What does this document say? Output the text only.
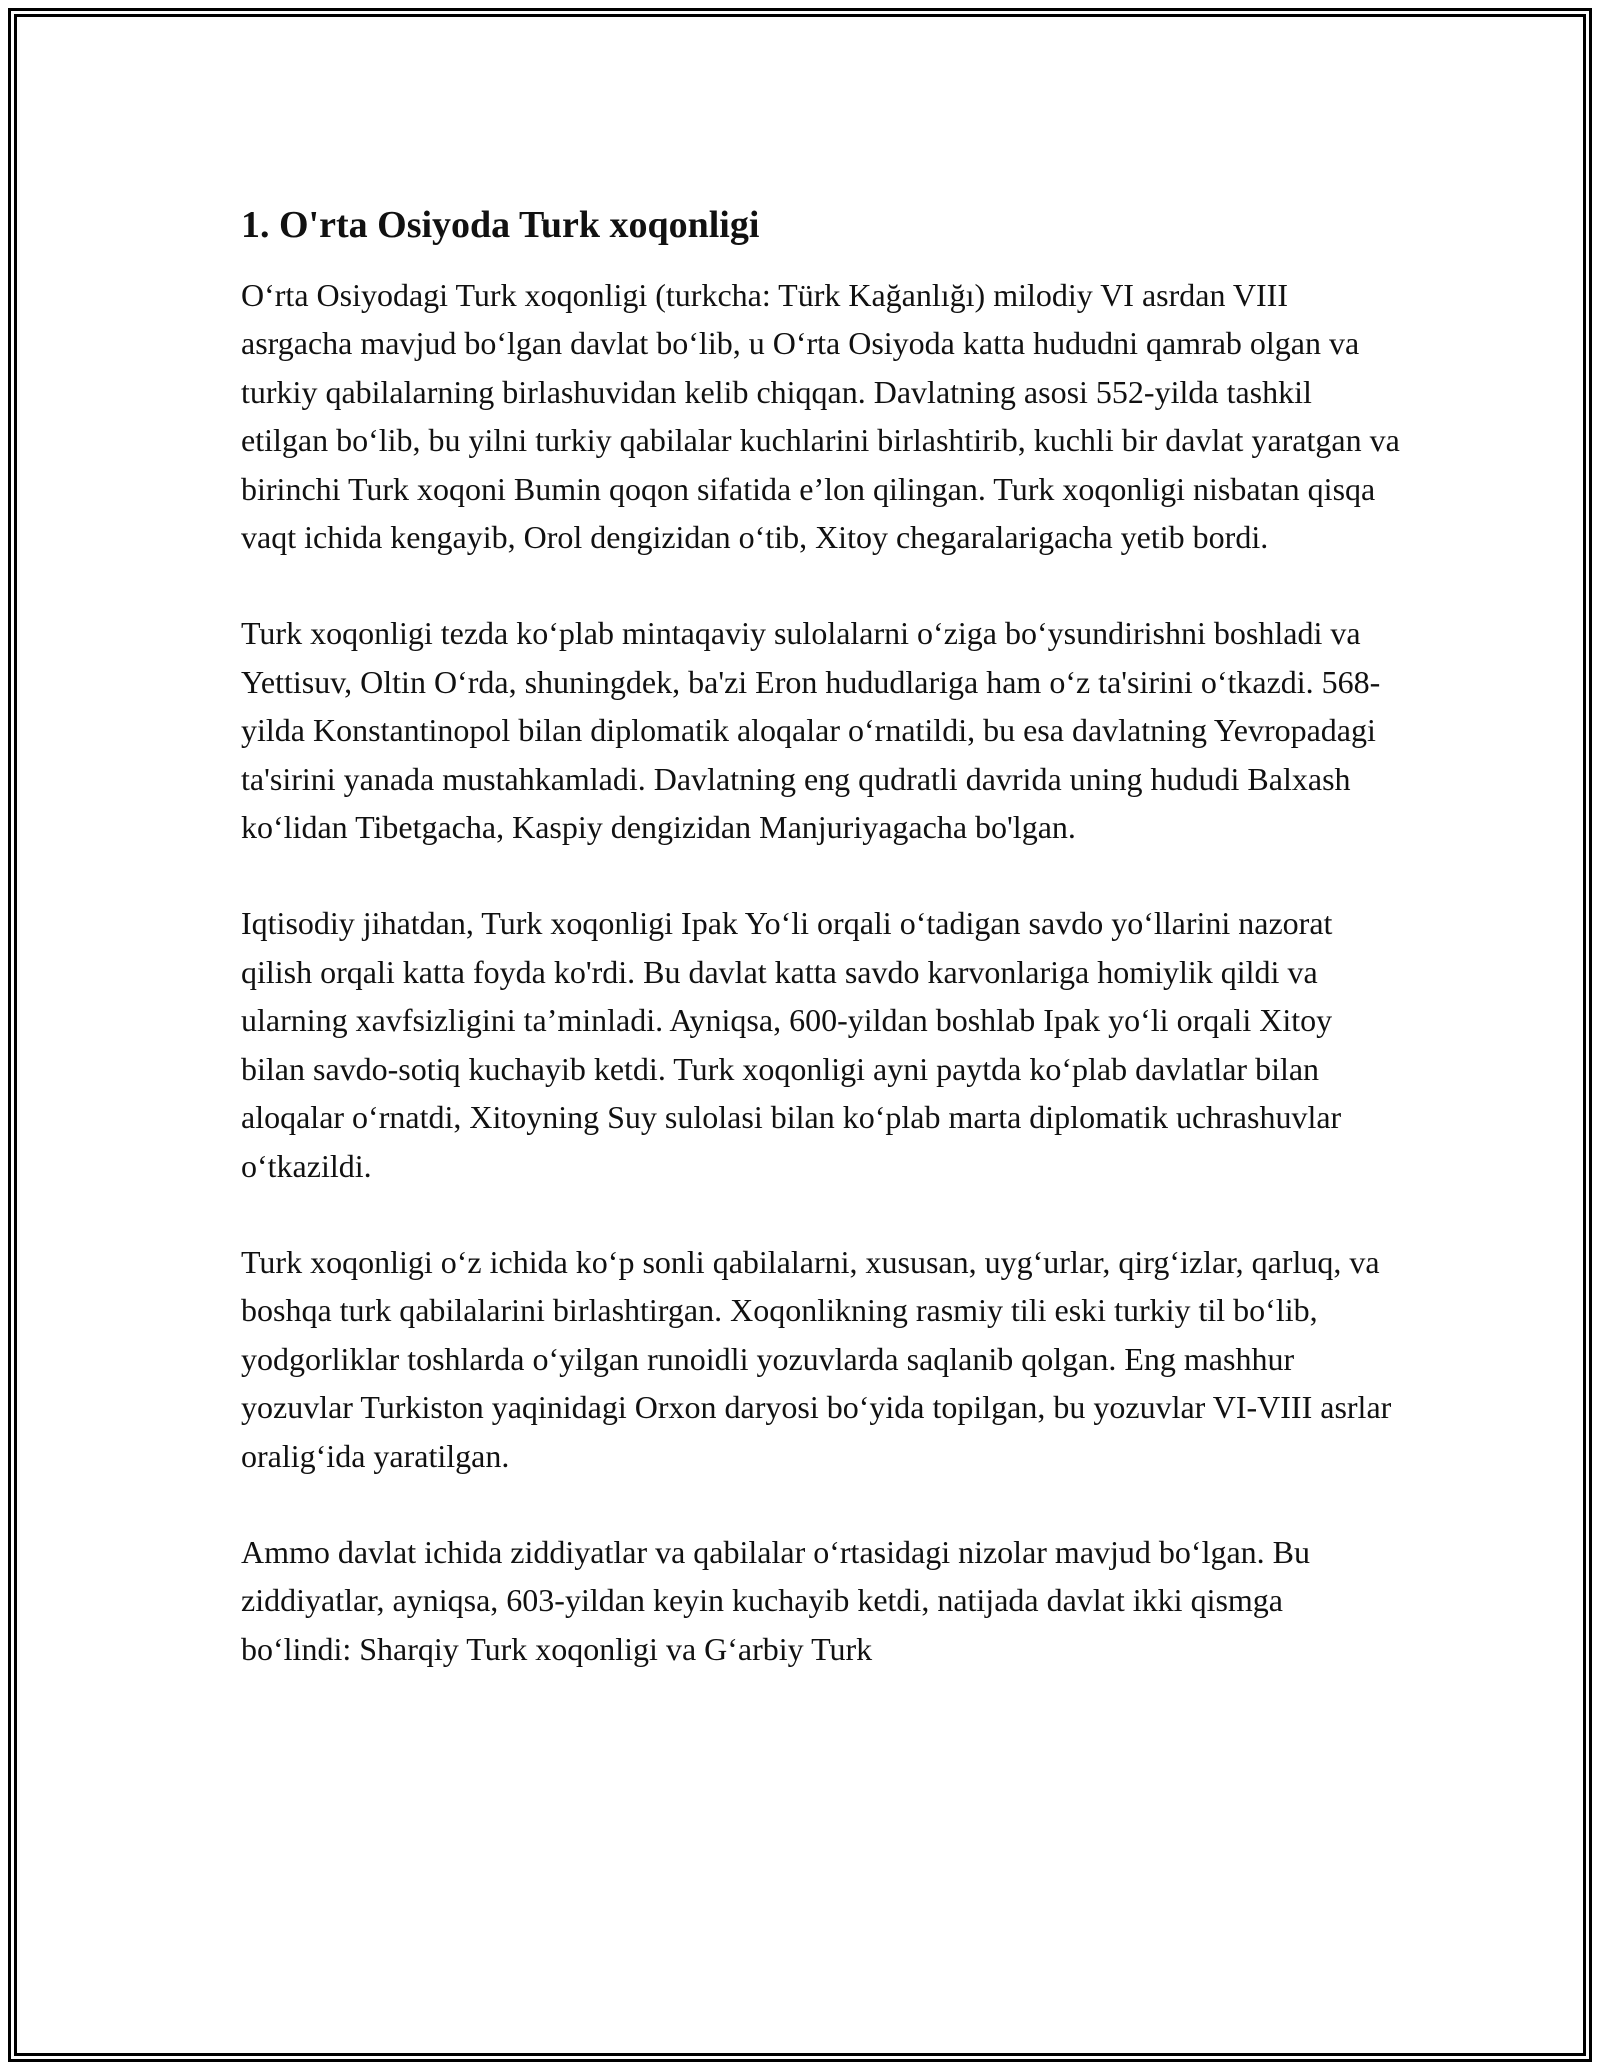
1. O'rta Osiyoda Turk xoqonligi

O‘rta Osiyodagi Turk xoqonligi (turkcha: Türk Kağanlığı) milodiy VI asrdan VIII asrgacha mavjud bo‘lgan davlat bo‘lib, u O‘rta Osiyoda katta hududni qamrab olgan va turkiy qabilalarning birlashuvidan kelib chiqqan. Davlatning asosi 552-yilda tashkil etilgan bo‘lib, bu yilni turkiy qabilalar kuchlarini birlashtirib, kuchli bir davlat yaratgan va birinchi Turk xoqoni Bumin qoqon sifatida e’lon qilingan. Turk xoqonligi nisbatan qisqa vaqt ichida kengayib, Orol dengizidan o‘tib, Xitoy chegaralarigacha yetib bordi.

Turk xoqonligi tezda ko‘plab mintaqaviy sulolalarni o‘ziga bo‘ysundirishni boshladi va Yettisuv, Oltin O‘rda, shuningdek, ba'zi Eron hududlariga ham o‘z ta'sirini o‘tkazdi. 568-yilda Konstantinopol bilan diplomatik aloqalar o‘rnatildi, bu esa davlatning Yevropadagi ta'sirini yanada mustahkamladi. Davlatning eng qudratli davrida uning hududi Balxash ko‘lidan Tibetgacha, Kaspiy dengizidan Manjuriyagacha bo'lgan.

Iqtisodiy jihatdan, Turk xoqonligi Ipak Yo‘li orqali o‘tadigan savdo yo‘llarini nazorat qilish orqali katta foyda ko'rdi. Bu davlat katta savdo karvonlariga homiylik qildi va ularning xavfsizligini ta’minladi. Ayniqsa, 600-yildan boshlab Ipak yo‘li orqali Xitoy bilan savdo-sotiq kuchayib ketdi. Turk xoqonligi ayni paytda ko‘plab davlatlar bilan aloqalar o‘rnatdi, Xitoyning Suy sulolasi bilan ko‘plab marta diplomatik uchrashuvlar o‘tkazildi.

Turk xoqonligi o‘z ichida ko‘p sonli qabilalarni, xususan, uyg‘urlar, qirg‘izlar, qarluq, va boshqa turk qabilalarini birlashtirgan. Xoqonlikning rasmiy tili eski turkiy til bo‘lib, yodgorliklar toshlarda o‘yilgan runoidli yozuvlarda saqlanib qolgan. Eng mashhur yozuvlar Turkiston yaqinidagi Orxon daryosi bo‘yida topilgan, bu yozuvlar VI-VIII asrlar oralig‘ida yaratilgan.

Ammo davlat ichida ziddiyatlar va qabilalar o‘rtasidagi nizolar mavjud bo‘lgan. Bu ziddiyatlar, ayniqsa, 603-yildan keyin kuchayib ketdi, natijada davlat ikki qismga bo‘lindi: Sharqiy Turk xoqonligi va G‘arbiy Turk
